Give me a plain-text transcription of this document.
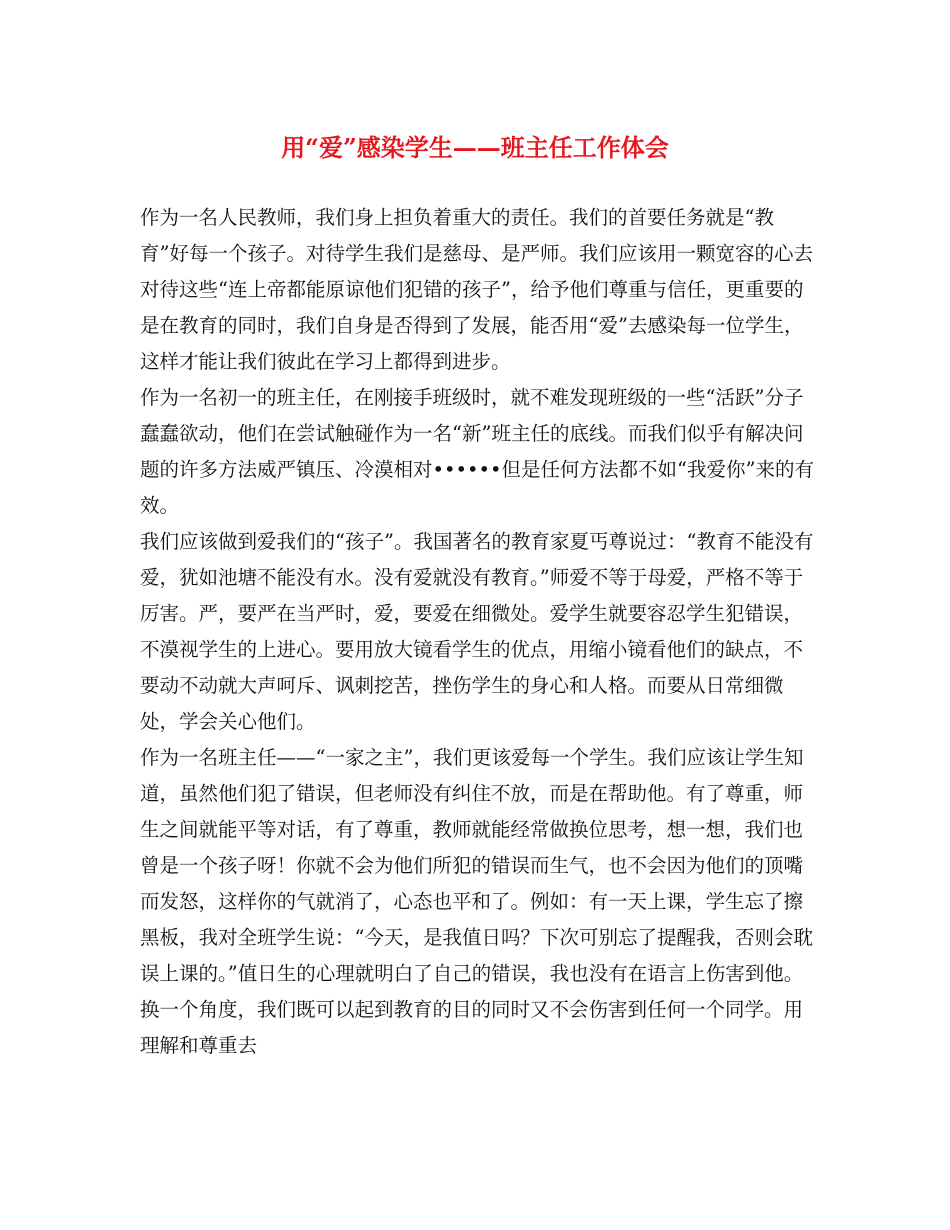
用“爱”感染学生——班主任工作体会

作为一名人民教师，我们身上担负着重大的责任。我们的首要任务就是“教育”好每一个孩子。对待学生我们是慈母、是严师。我们应该用一颗宽容的心去对待这些“连上帝都能原谅他们犯错的孩子”，给予他们尊重与信任，更重要的是在教育的同时，我们自身是否得到了发展，能否用“爱”去感染每一位学生，这样才能让我们彼此在学习上都得到进步。

作为一名初一的班主任，在刚接手班级时，就不难发现班级的一些“活跃”分子蠢蠢欲动，他们在尝试触碰作为一名“新”班主任的底线。而我们似乎有解决问题的许多方法威严镇压、冷漠相对••••••但是任何方法都不如“我爱你”来的有效。

我们应该做到爱我们的“孩子”。我国著名的教育家夏丐尊说过：“教育不能没有爱，犹如池塘不能没有水。没有爱就没有教育。”师爱不等于母爱，严格不等于厉害。严，要严在当严时，爱，要爱在细微处。爱学生就要容忍学生犯错误，不漠视学生的上进心。要用放大镜看学生的优点，用缩小镜看他们的缺点，不要动不动就大声呵斥、讽刺挖苦，挫伤学生的身心和人格。而要从日常细微处，学会关心他们。

作为一名班主任——“一家之主”，我们更该爱每一个学生。我们应该让学生知道，虽然他们犯了错误，但老师没有纠住不放，而是在帮助他。有了尊重，师生之间就能平等对话，有了尊重，教师就能经常做换位思考，想一想，我们也曾是一个孩子呀！你就不会为他们所犯的错误而生气，也不会因为他们的顶嘴而发怒，这样你的气就消了，心态也平和了。例如：有一天上课，学生忘了擦黑板，我对全班学生说：“今天，是我值日吗？下次可别忘了提醒我，否则会耽误上课的。”值日生的心理就明白了自己的错误，我也没有在语言上伤害到他。换一个角度，我们既可以起到教育的目的同时又不会伤害到任何一个同学。用理解和尊重去
